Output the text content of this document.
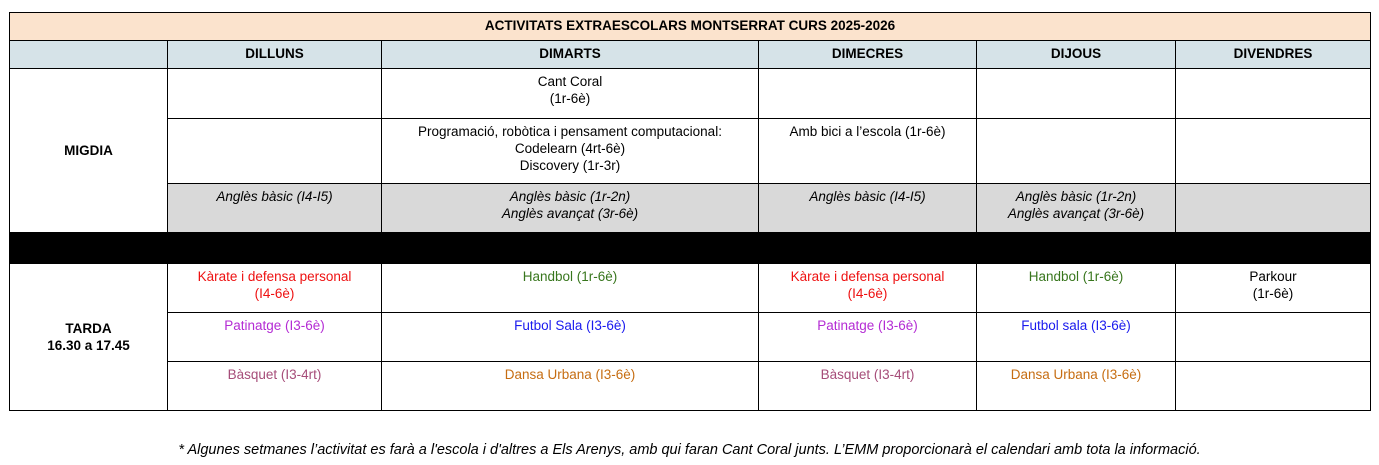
ACTIVITATS EXTRAESCOLARS MONTSERRAT CURS 2025-2026					
	DILLUNS	DIMARTS	DIMECRES	DIJOUS	DIVENDRES
MIGDIA		Cant Coral
(1r-6è)			

		Programació, robòtica i pensament computacional:
Codelearn (4rt-6è)
Discovery (1r-3r)	Amb bici a l’escola (1r-6è)		

	Anglès bàsic (I4-I5)	Anglès bàsic (1r-2n)
Anglès avançat (3r-6è)	Anglès bàsic (I4-I5)	Anglès bàsic (1r-2n)
Anglès avançat (3r-6è)	

TARDA
16.30 a 17.45	Kàrate i defensa personal
(I4-6è)	Handbol (1r-6è)	Kàrate i defensa personal
(I4-6è)	Handbol (1r-6è)	Parkour
(1r-6è)

	Patinatge (I3-6è)	Futbol Sala (I3-6è)	Patinatge (I3-6è)	Futbol sala (I3-6è)	

	Bàsquet (I3-4rt)	Dansa Urbana (I3-6è)	Bàsquet (I3-4rt)	Dansa Urbana (I3-6è)	

* Algunes setmanes l’activitat es farà a l'escola i d'altres a Els Arenys, amb qui faran Cant Coral junts. L’EMM proporcionarà el calendari amb tota la informació.
